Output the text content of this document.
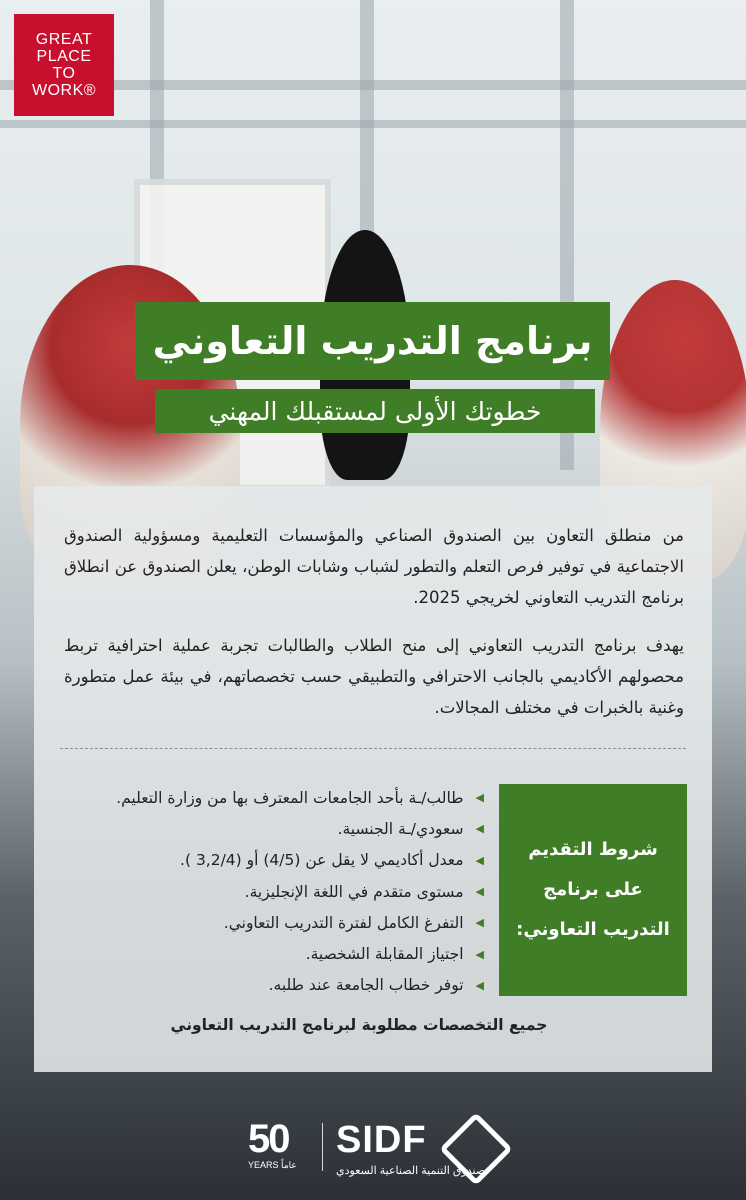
GREAT
PLACE
TO
WORK®
برنامج التدريب التعاوني
خطوتك الأولى لمستقبلك المهني
من منطلق التعاون بين الصندوق الصناعي والمؤسسات التعليمية ومسؤولية الصندوق الاجتماعية في توفير فرص التعلم والتطور لشباب وشابات الوطن، يعلن الصندوق عن انطلاق برنامج التدريب التعاوني لخريجي 2025.
يهدف برنامج التدريب التعاوني إلى منح الطلاب والطالبات تجربة عملية احترافية تربط محصولهم الأكاديمي بالجانب الاحترافي والتطبيقي حسب تخصصاتهم، في بيئة عمل متطورة وغنية بالخبرات في مختلف المجالات.
شروط التقديم
على برنامج
التدريب التعاوني:
◀
طالب/ـة بأحد الجامعات المعترف بها من وزارة التعليم.
◀
سعودي/ـة الجنسية.
◀
معدل أكاديمي لا يقل عن (4/5) أو (3,2/4 ).
◀
مستوى متقدم في اللغة الإنجليزية.
◀
التفرغ الكامل لفترة التدريب التعاوني.
◀
اجتياز المقابلة الشخصية.
◀
توفر خطاب الجامعة عند طلبه.
جميع التخصصات مطلوبة لبرنامج التدريب التعاوني
50
YEARS عاماً
SIDF
صندوق التنمية الصناعية السعودي
